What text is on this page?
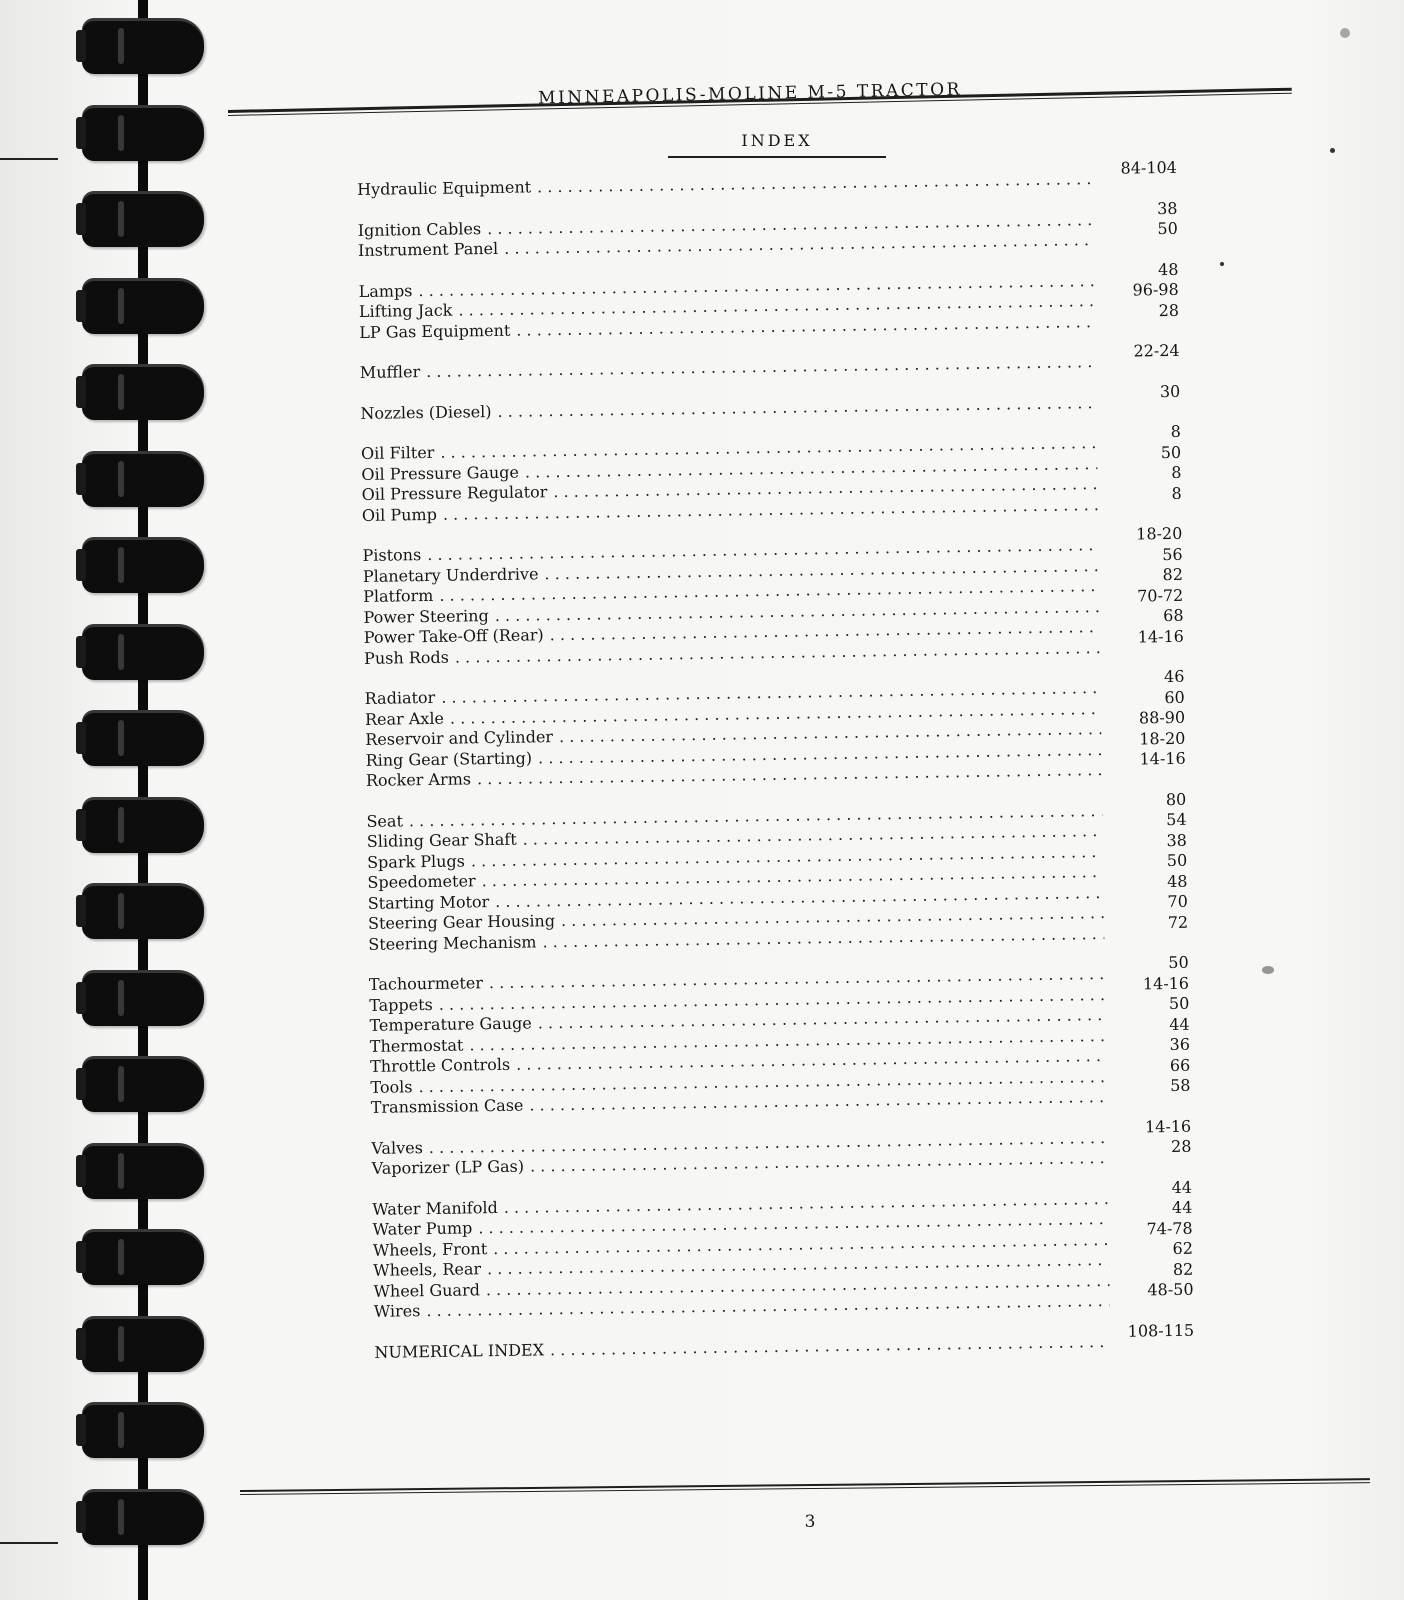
MINNEAPOLIS-MOLINE M-5 TRACTOR
INDEX
Hydraulic Equipment
. . .
84-104
Ignition Cables
. . .
38
Instrument Panel
. . .
50
Lamps
. . .
48
Lifting Jack
. . .
96-98
LP Gas Equipment
. . .
28
Muffler
. . .
22-24
Nozzles (Diesel)
. . .
30
Oil Filter
. . .
8
Oil Pressure Gauge
. . .
50
Oil Pressure Regulator
. . .
8
Oil Pump
. . .
8
Pistons
. . .
18-20
Planetary Underdrive
. . .
56
Platform
. . .
82
Power Steering
. . .
70-72
Power Take-Off (Rear)
. . .
68
Push Rods
. . .
14-16
Radiator
. . .
46
Rear Axle
. . .
60
Reservoir and Cylinder
. . .
88-90
Ring Gear (Starting)
. . .
18-20
Rocker Arms
. . .
14-16
Seat
. . .
80
Sliding Gear Shaft
. . .
54
Spark Plugs
. . .
38
Speedometer
. . .
50
Starting Motor
. . .
48
Steering Gear Housing
. . .
70
Steering Mechanism
. . .
72
Tachourmeter
. . .
50
Tappets
. . .
14-16
Temperature Gauge
. . .
50
Thermostat
. . .
44
Throttle Controls
. . .
36
Tools
. . .
66
Transmission Case
. . .
58
Valves
. . .
14-16
Vaporizer (LP Gas)
. . .
28
Water Manifold
. . .
44
Water Pump
. . .
44
Wheels, Front
. . .
74-78
Wheels, Rear
. . .
62
Wheel Guard
. . .
82
Wires
. . .
48-50
NUMERICAL INDEX
. . .
108-115
3
